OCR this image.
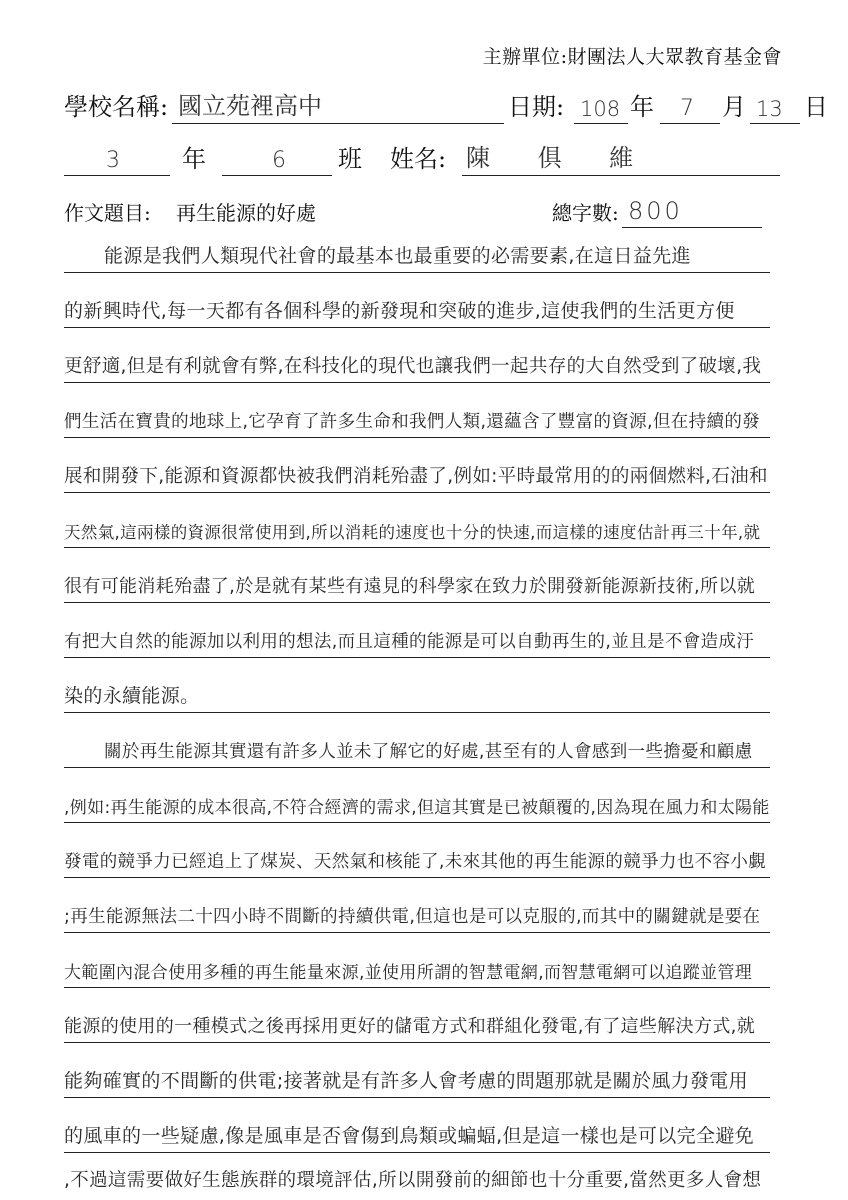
主辦單位:財團法人大眾教育基金會
學校名稱: 國立苑裡高中	日期: 108 年 7 月 13 日
3	年	6 班 姓名: 陳 俱 維
作文題目: 再生能源的好處	總字數: 800
能源是我們人類現代社會的最基本也最重要的必需要素,在這日益先進
的新興時代,每一天都有各個科學的新發現和突破的進步,這使我們的生活更方便
更舒適,但是有利就會有弊,在科技化的現代也讓我們一起共存的大自然受到了破壞,我
們生活在寶貴的地球上,它孕育了許多生命和我們人類,還蘊含了豐富的資源,但在持續的發
展和開發下,能源和資源都快被我們消耗殆盡了,例如:平時最常用的的兩個燃料,石油和
天然氣,這兩樣的資源很常使用到,所以消耗的速度也十分的快速,而這樣的速度估計再三十年,就
很有可能消耗殆盡了,於是就有某些有遠見的科學家在致力於開發新能源新技術,所以就
有把大自然的能源加以利用的想法,而且這種的能源是可以自動再生的,並且是不會造成汙
染的永續能源。
關於再生能源其實還有許多人並未了解它的好處,甚至有的人會感到一些擔憂和顧慮
,例如:再生能源的成本很高,不符合經濟的需求,但這其實是已被顛覆的,因為現在風力和太陽能
發電的競爭力已經追上了煤炭、天然氣和核能了,未來其他的再生能源的競爭力也不容小覷
;再生能源無法二十四小時不間斷的持續供電,但這也是可以克服的,而其中的關鍵就是要在
大範圍內混合使用多種的再生能量來源,並使用所謂的智慧電網,而智慧電網可以追蹤並管理
能源的使用的一種模式之後再採用更好的儲電方式和群組化發電,有了這些解決方式,就
能夠確實的不間斷的供電;接著就是有許多人會考慮的問題那就是關於風力發電用
的風車的一些疑慮,像是風車是否會傷到鳥類或蝙蝠,但是這一樣也是可以完全避免
,不過這需要做好生態族群的環境評估,所以開發前的細節也十分重要,當然更多人會想
